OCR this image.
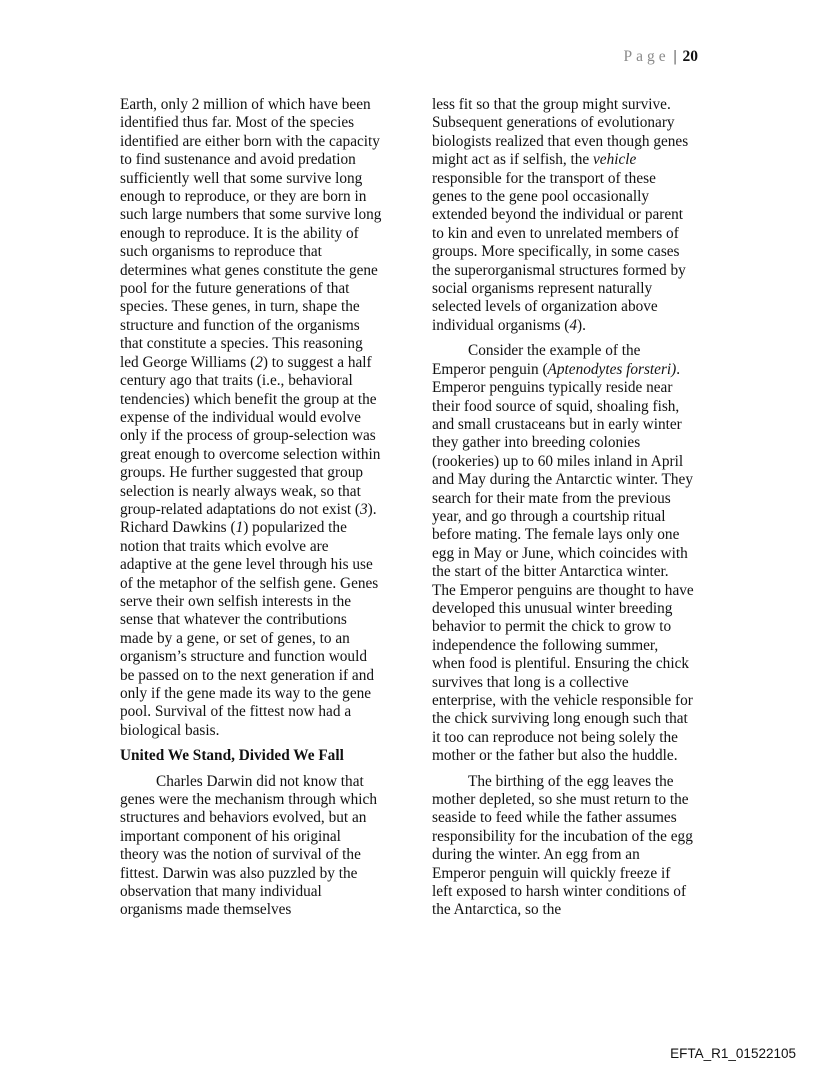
Page | 20

Earth, only 2 million of which have been identified thus far. Most of the species identified are either born with the capacity to find sustenance and avoid predation sufficiently well that some survive long enough to reproduce, or they are born in such large numbers that some survive long enough to reproduce. It is the ability of such organisms to reproduce that determines what genes constitute the gene pool for the future generations of that species. These genes, in turn, shape the structure and function of the organisms that constitute a species. This reasoning led George Williams (2) to suggest a half century ago that traits (i.e., behavioral tendencies) which benefit the group at the expense of the individual would evolve only if the process of group-selection was great enough to overcome selection within groups. He further suggested that group selection is nearly always weak, so that group-related adaptations do not exist (3). Richard Dawkins (1) popularized the notion that traits which evolve are adaptive at the gene level through his use of the metaphor of the selfish gene. Genes serve their own selfish interests in the sense that whatever the contributions made by a gene, or set of genes, to an organism’s structure and function would be passed on to the next generation if and only if the gene made its way to the gene pool. Survival of the fittest now had a biological basis.

United We Stand, Divided We Fall

Charles Darwin did not know that genes were the mechanism through which structures and behaviors evolved, but an important component of his original theory was the notion of survival of the fittest. Darwin was also puzzled by the observation that many individual organisms made themselves

less fit so that the group might survive. Subsequent generations of evolutionary biologists realized that even though genes might act as if selfish, the vehicle responsible for the transport of these genes to the gene pool occasionally extended beyond the individual or parent to kin and even to unrelated members of groups. More specifically, in some cases the superorganismal structures formed by social organisms represent naturally selected levels of organization above individual organisms (4).

Consider the example of the Emperor penguin (Aptenodytes forsteri). Emperor penguins typically reside near their food source of squid, shoaling fish, and small crustaceans but in early winter they gather into breeding colonies (rookeries) up to 60 miles inland in April and May during the Antarctic winter. They search for their mate from the previous year, and go through a courtship ritual before mating. The female lays only one egg in May or June, which coincides with the start of the bitter Antarctica winter. The Emperor penguins are thought to have developed this unusual winter breeding behavior to permit the chick to grow to independence the following summer, when food is plentiful. Ensuring the chick survives that long is a collective enterprise, with the vehicle responsible for the chick surviving long enough such that it too can reproduce not being solely the mother or the father but also the huddle.

The birthing of the egg leaves the mother depleted, so she must return to the seaside to feed while the father assumes responsibility for the incubation of the egg during the winter. An egg from an Emperor penguin will quickly freeze if left exposed to harsh winter conditions of the Antarctica, so the

EFTA_R1_01522105
